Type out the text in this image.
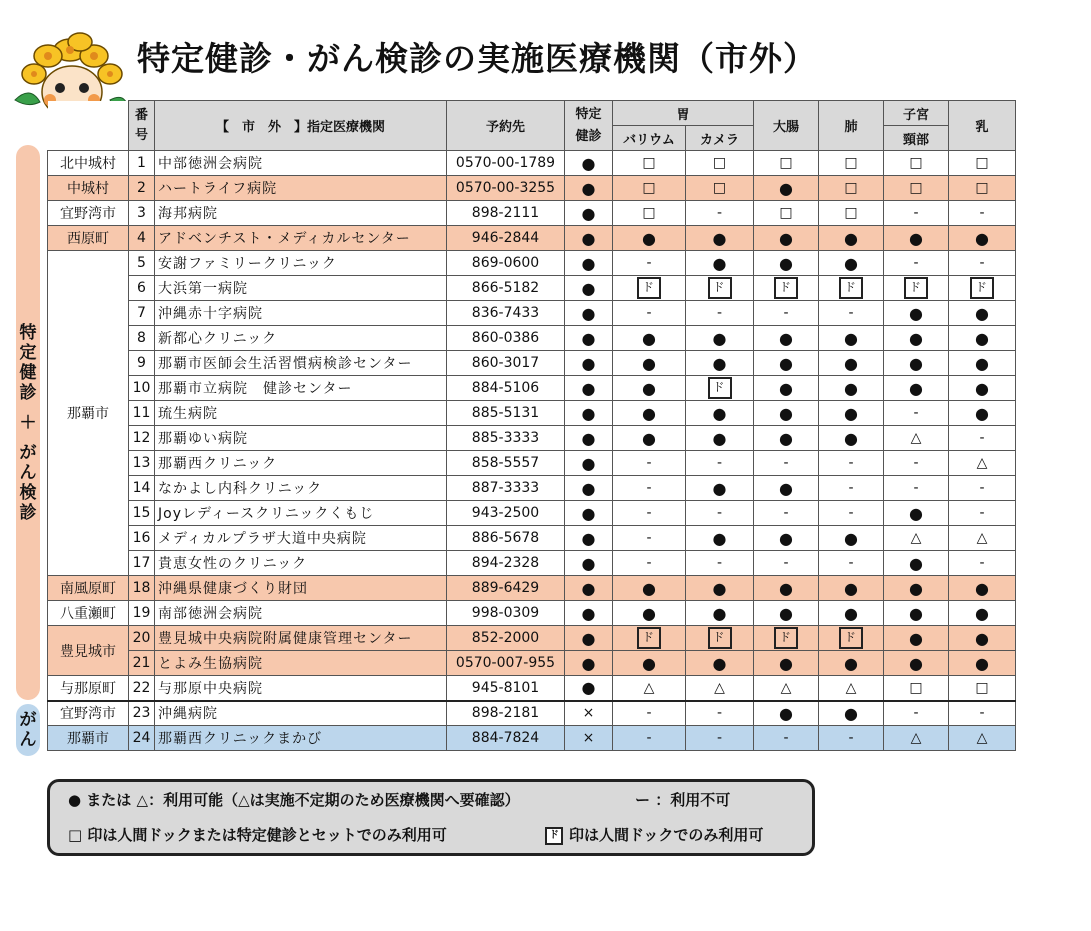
特定健診・がん検診の実施医療機関（市外）
特
定
健
診
＋
が
ん
検
診
が
ん
	番号	【　市　外　】指定医療機関	予約先	特定健診	胃		大腸	肺	子宮	乳
					バリウム	カメラ			頸部	
北中城村	1	中部徳洲会病院	0570-00-1789	●	□	□	□	□	□	□
中城村	2	ハートライフ病院	0570-00-3255	●	□	□	●	□	□	□
宜野湾市	3	海邦病院	898-2111	●	□	-	□	□	-	-
西原町	4	アドベンチスト・メディカルセンター	946-2844	●	●	●	●	●	●	●
那覇市	5	安謝ファミリークリニック	869-0600	●	-	●	●	●	-	-
	6	大浜第一病院	866-5182	●	ド	ド	ド	ド	ド	ド
	7	沖縄赤十字病院	836-7433	●	-	-	-	-	●	●
	8	新都心クリニック	860-0386	●	●	●	●	●	●	●
	9	那覇市医師会生活習慣病検診センター	860-3017	●	●	●	●	●	●	●
	10	那覇市立病院　健診センター	884-5106	●	●	ド	●	●	●	●
	11	琉生病院	885-5131	●	●	●	●	●	-	●
	12	那覇ゆい病院	885-3333	●	●	●	●	●	△	-
	13	那覇西クリニック	858-5557	●	-	-	-	-	-	△
	14	なかよし内科クリニック	887-3333	●	-	●	●	-	-	-
	15	Joyレディースクリニックくもじ	943-2500	●	-	-	-	-	●	-
	16	メディカルプラザ大道中央病院	886-5678	●	-	●	●	●	△	△
	17	貴恵女性のクリニック	894-2328	●	-	-	-	-	●	-
南風原町	18	沖縄県健康づくり財団	889-6429	●	●	●	●	●	●	●
八重瀬町	19	南部徳洲会病院	998-0309	●	●	●	●	●	●	●
豊見城市	20	豊見城中央病院附属健康管理センター	852-2000	●	ド	ド	ド	ド	●	●
	21	とよみ生協病院	0570-007-955	●	●	●	●	●	●	●
与那原町	22	与那原中央病院	945-8101	●	△	△	△	△	□	□
宜野湾市	23	沖縄病院	898-2181	×	-	-	●	●	-	-
那覇市	24	那覇西クリニックまかび	884-7824	×	-	-	-	-	△	△
● または △：利用可能（△は実施不定期のため医療機関へ要確認）	ー ：利用不可
□ 印は人間ドックまたは特定健診とセットでのみ利用可	ド 印は人間ドックでのみ利用可
